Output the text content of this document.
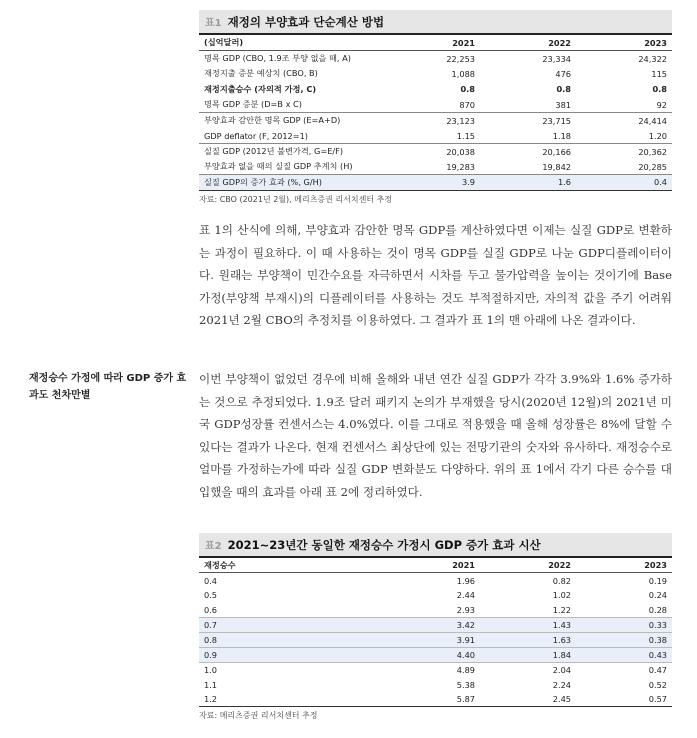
표1 재정의 부양효과 단순계산 방법
(십억달러)	2021	2022	2023
명목 GDP (CBO, 1.9조 부양 없을 때, A)	22,253	23,334	24,322
재정지출 증분 예상치 (CBO, B)	1,088	476	115
재정지출승수 (자의적 가정, C)	0.8	0.8	0.8
명목 GDP 증분 (D=B x C)	870	381	92
부양효과 감안한 명목 GDP (E=A+D)	23,123	23,715	24,414
GDP deflator (F, 2012=1)	1.15	1.18	1.20
실질 GDP (2012년 불변가격, G=E/F)	20,038	20,166	20,362
부양효과 없을 때의 실질 GDP 추계치 (H)	19,283	19,842	20,285
실질 GDP의 증가 효과 (%, G/H)	3.9	1.6	0.4
자료: CBO (2021년 2월), 메리츠증권 리서치센터 추정

표 1의 산식에 의해, 부양효과 감안한 명목 GDP를 계산하였다면 이제는 실질 GDP로 변환하는 과정이 필요하다. 이 때 사용하는 것이 명목 GDP를 실질 GDP로 나눈 GDP디플레이터이다. 원래는 부양책이 민간수요를 자극하면서 시차를 두고 물가압력을 높이는 것이기에 Base 가정(부양책 부재시)의 디플레이터를 사용하는 것도 부적절하지만, 자의적 값을 주기 어려워 2021년 2월 CBO의 추정치를 이용하였다. 그 결과가 표 1의 맨 아래에 나온 결과이다.

재정승수 가정에 따라 GDP 증가 효과도 천차만별

이번 부양책이 없었던 경우에 비해 올해와 내년 연간 실질 GDP가 각각 3.9%와 1.6% 증가하는 것으로 추정되었다. 1.9조 달러 패키지 논의가 부재했을 당시(2020년 12월)의 2021년 미국 GDP성장률 컨센서스는 4.0%였다. 이를 그대로 적용했을 때 올해 성장률은 8%에 달할 수 있다는 결과가 나온다. 현재 컨센서스 최상단에 있는 전망기관의 숫자와 유사하다. 재정승수로 얼마를 가정하는가에 따라 실질 GDP 변화분도 다양하다. 위의 표 1에서 각기 다른 승수를 대입했을 때의 효과를 아래 표 2에 정리하였다.

표2 2021~23년간 동일한 재정승수 가정시 GDP 증가 효과 시산
재정승수	2021	2022	2023
0.4	1.96	0.82	0.19
0.5	2.44	1.02	0.24
0.6	2.93	1.22	0.28
0.7	3.42	1.43	0.33
0.8	3.91	1.63	0.38
0.9	4.40	1.84	0.43
1.0	4.89	2.04	0.47
1.1	5.38	2.24	0.52
1.2	5.87	2.45	0.57
자료: 메리츠증권 리서치센터 추정
